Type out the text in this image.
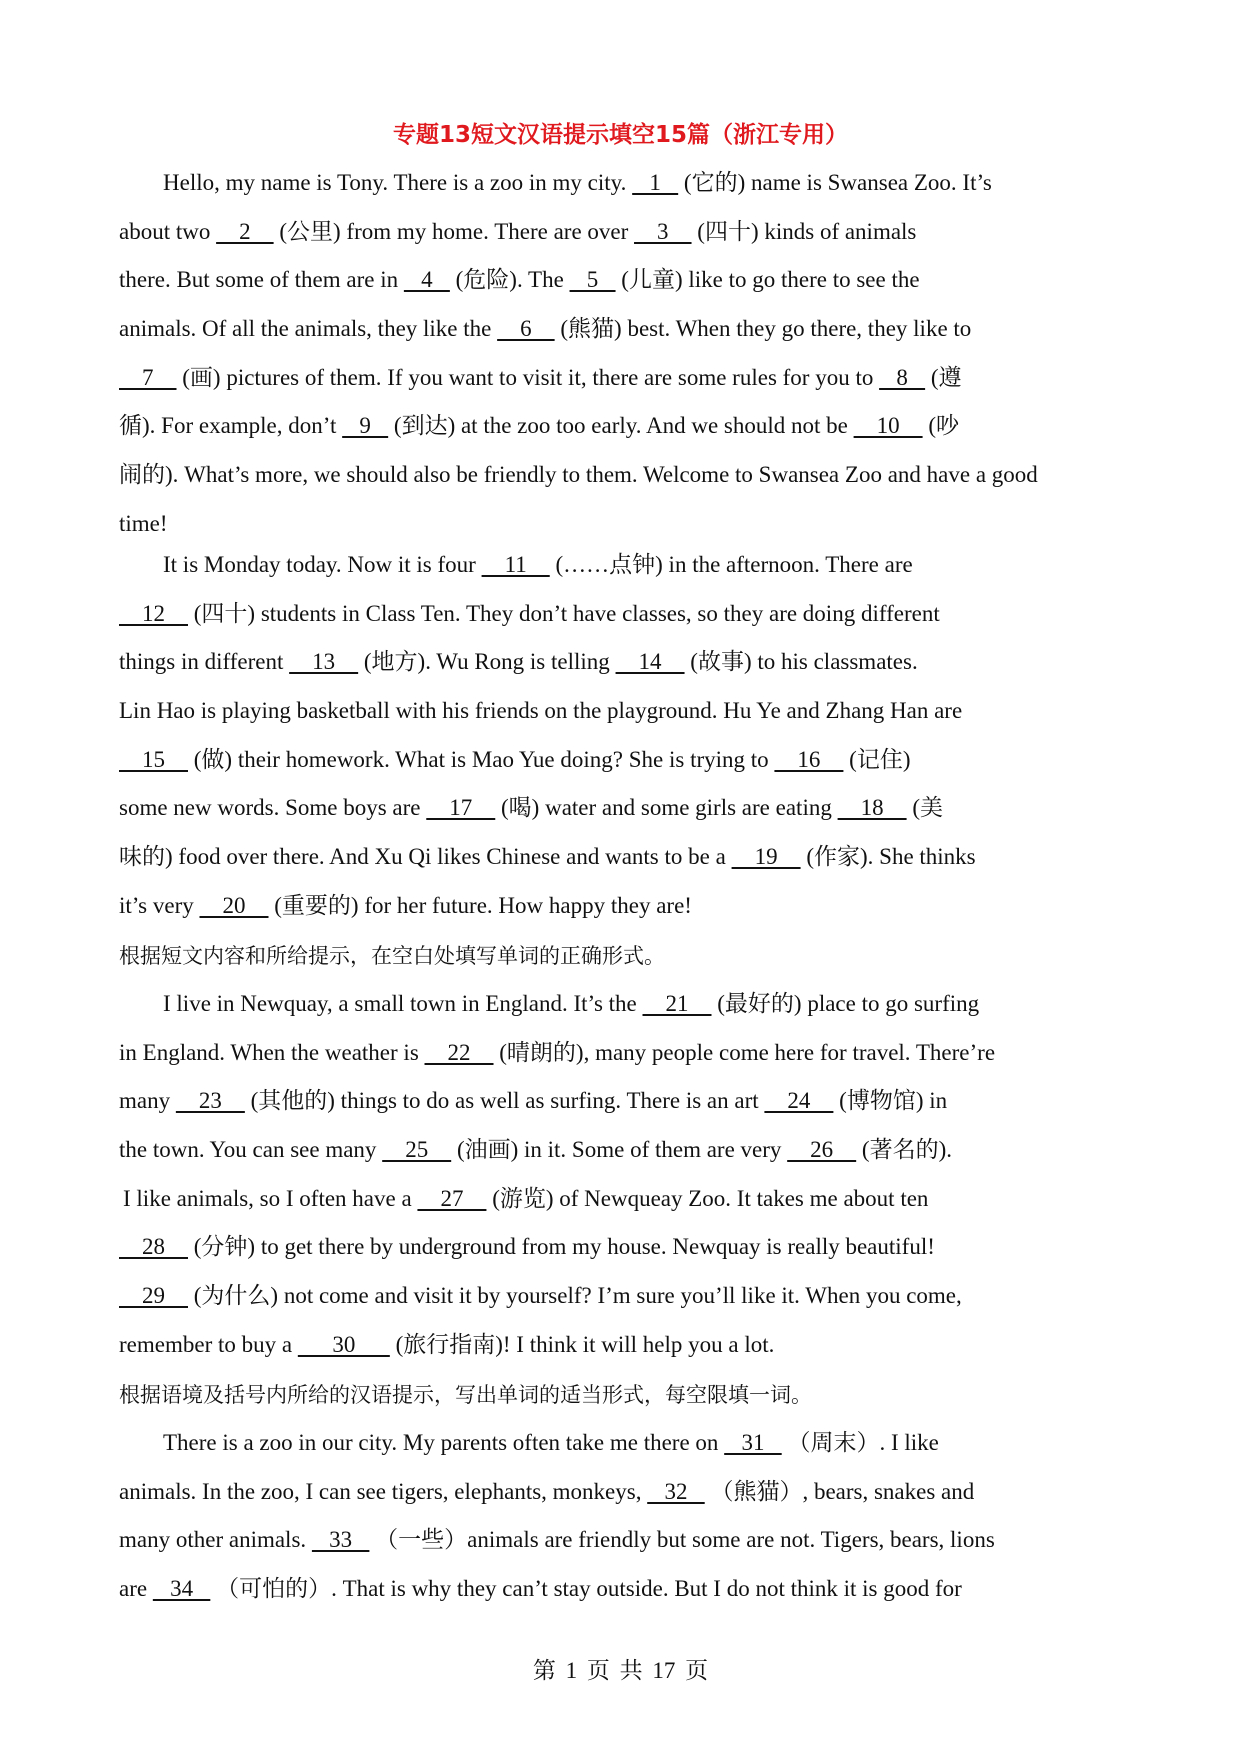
专题13短文汉语提示填空15篇（浙江专用）
Hello, my name is Tony. There is a zoo in my city.    1    (它的) name is Swansea Zoo. It’s
about two     2     (公里) from my home. There are over     3     (四十) kinds of animals
there. But some of them are in    4    (危险). The    5    (儿童) like to go there to see the
animals. Of all the animals, they like the     6     (熊猫) best. When they go there, they like to
7     (画) pictures of them. If you want to visit it, there are some rules for you to    8    (遵
循). For example, don’t    9    (到达) at the zoo too early. And we should not be     10     (吵
闹的). What’s more, we should also be friendly to them. Welcome to Swansea Zoo and have a good
time!
It is Monday today. Now it is four     11     (……点钟) in the afternoon. There are
12     (四十) students in Class Ten. They don’t have classes, so they are doing different
things in different     13     (地方). Wu Rong is telling     14     (故事) to his classmates.
Lin Hao is playing basketball with his friends on the playground. Hu Ye and Zhang Han are
15     (做) their homework. What is Mao Yue doing? She is trying to     16     (记住)
some new words. Some boys are     17     (喝) water and some girls are eating     18     (美
味的) food over there. And Xu Qi likes Chinese and wants to be a     19     (作家). She thinks
it’s very     20     (重要的) for her future. How happy they are!
根据短文内容和所给提示，在空白处填写单词的正确形式。
I live in Newquay, a small town in England. It’s the     21     (最好的) place to go surfing
in England. When the weather is     22     (晴朗的), many people come here for travel. There’re
many     23     (其他的) things to do as well as surfing. There is an art     24     (博物馆) in
the town. You can see many     25     (油画) in it. Some of them are very     26     (著名的).
I like animals, so I often have a     27     (游览) of Newqueay Zoo. It takes me about ten
28     (分钟) to get there by underground from my house. Newquay is really beautiful!
29     (为什么) not come and visit it by yourself? I’m sure you’ll like it. When you come,
remember to buy a       30       (旅行指南)! I think it will help you a lot.
根据语境及括号内所给的汉语提示，写出单词的适当形式，每空限填一词。
There is a zoo in our city. My parents often take me there on    31    （周末）. I like
animals. In the zoo, I can see tigers, elephants, monkeys,    32    （熊猫）, bears, snakes and
many other animals.    33    （一些）animals are friendly but some are not. Tigers, bears, lions
are    34    （可怕的）. That is why they can’t stay outside. But I do not think it is good for
第 1 页 共 17 页
